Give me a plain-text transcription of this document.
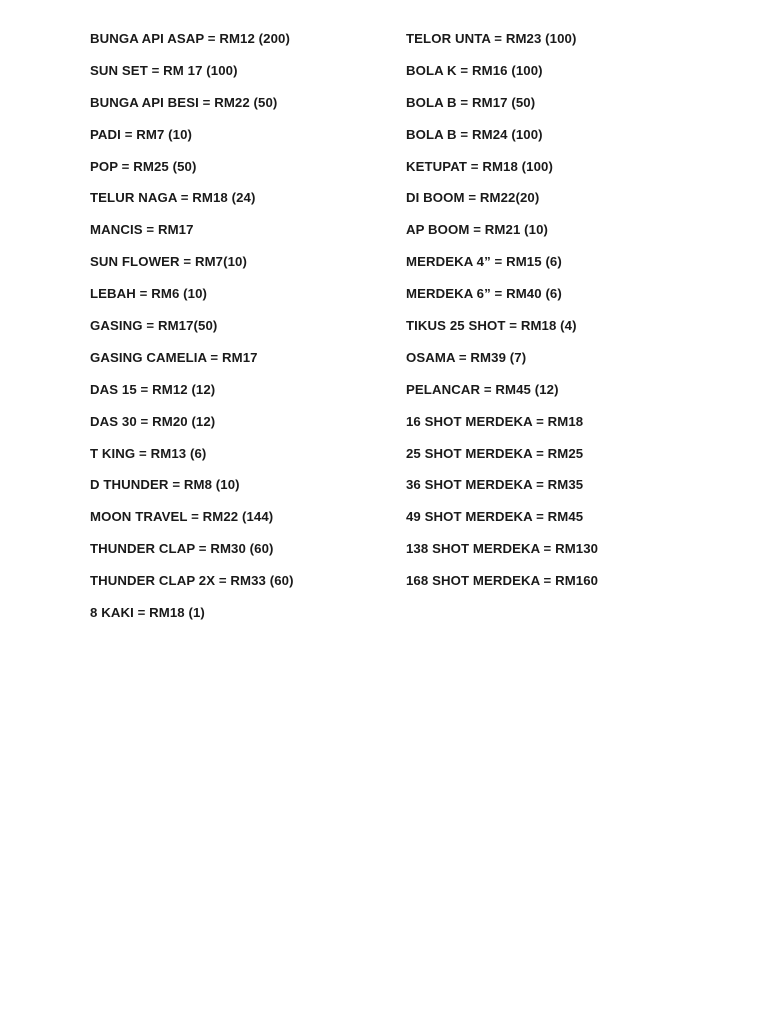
BUNGA API ASAP = RM12 (200)
SUN SET = RM 17 (100)
BUNGA API BESI = RM22 (50)
PADI = RM7 (10)
POP = RM25 (50)
TELUR NAGA = RM18 (24)
MANCIS = RM17
SUN FLOWER = RM7(10)
LEBAH = RM6 (10)
GASING = RM17(50)
GASING CAMELIA = RM17
DAS 15 = RM12 (12)
DAS 30 = RM20 (12)
T KING = RM13 (6)
D THUNDER = RM8 (10)
MOON TRAVEL = RM22 (144)
THUNDER CLAP = RM30 (60)
THUNDER CLAP 2X = RM33 (60)
8 KAKI = RM18 (1)
TELOR UNTA = RM23 (100)
BOLA K = RM16 (100)
BOLA B = RM17 (50)
BOLA B = RM24 (100)
KETUPAT = RM18 (100)
DI BOOM = RM22(20)
AP BOOM = RM21 (10)
MERDEKA 4” = RM15 (6)
MERDEKA 6” = RM40 (6)
TIKUS 25 SHOT = RM18 (4)
OSAMA = RM39 (7)
PELANCAR = RM45 (12)
16 SHOT MERDEKA = RM18
25 SHOT MERDEKA = RM25
36 SHOT MERDEKA = RM35
49 SHOT MERDEKA = RM45
138 SHOT MERDEKA = RM130
168 SHOT MERDEKA = RM160
